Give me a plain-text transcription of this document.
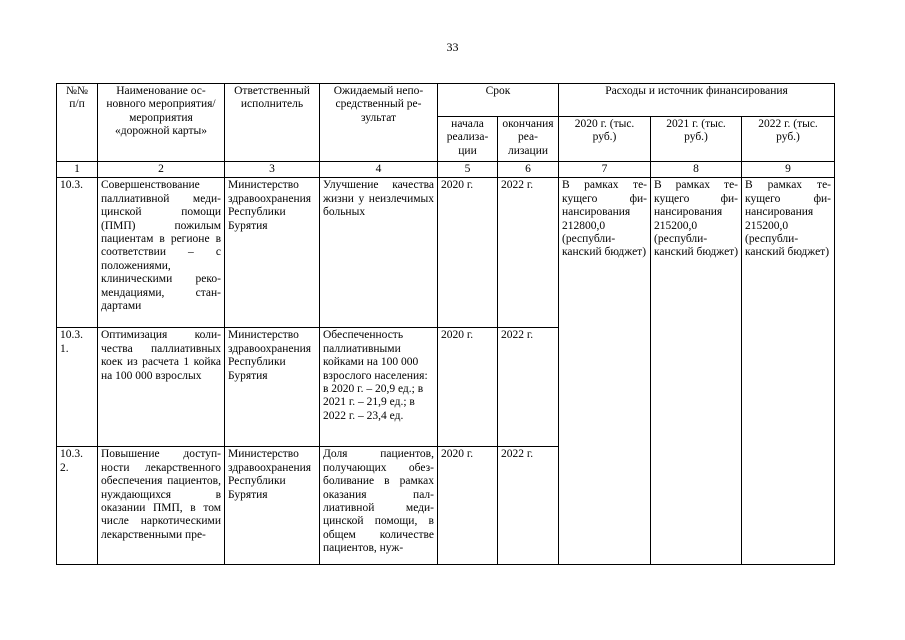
33
№№ п/п	Наименование основного мероприятия/мероприятия «дорожной карты»	Ответственный исполнитель	Ожидаемый непосредственный результат	Срок		Расходы и источник финансирования		
				начала реализации	окончания реализации	2020 г. (тыс. руб.)	2021 г. (тыс. руб.)	2022 г. (тыс. руб.)
1	2	3	4	5	6	7	8	9
10.3.	Совершенствование паллиативной медицинской помощи (ПМП) пожилым пациентам в регионе в соответствии – с положениями, клиническими рекомендациями, стандартами	Министерство здравоохранения Республики Бурятия	Улучшение качества жизни у неизлечимых больных	2020 г.	2022 г.	В рамках текущего финансирования 212800,0 (республиканский бюджет)	В рамках текущего финансирования 215200,0 (республиканский бюджет)	В рамках текущего финансирования 215200,0 (республиканский бюджет)
10.3. 1.	Оптимизация количества паллиативных коек из расчета 1 койка на 100 000 взрослых	Министерство здравоохранения Республики Бурятия	Обеспеченность паллиативными койками на 100 000 взрослого населения: в 2020 г. – 20,9 ед.; в 2021 г. – 21,9 ед.; в 2022 г. – 23,4 ед.	2020 г.	2022 г.			
10.3. 2.	Повышение доступности лекарственного обеспечения пациентов, нуждающихся в оказании ПМП, в том числе наркотическими лекарственными пре-	Министерство здравоохранения Республики Бурятия	Доля пациентов, получающих обезболивание в рамках оказания паллиативной медицинской помощи, в общем количестве пациентов, нуж-	2020 г.	2022 г.			
